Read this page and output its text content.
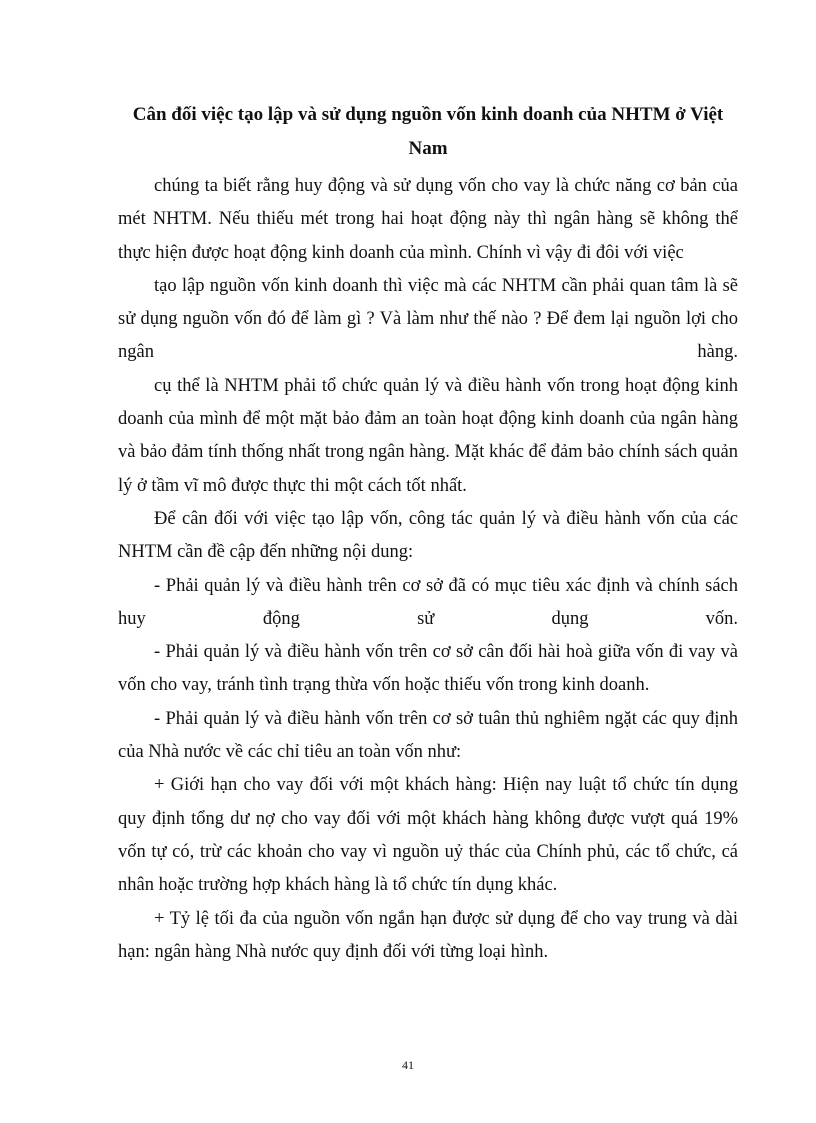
Cân đối việc tạo lập và sử dụng nguồn vốn kinh doanh của NHTM ở Việt Nam

chúng ta biết rằng huy động và sử dụng vốn cho vay là chức năng cơ bản của mét NHTM. Nếu thiếu mét trong hai hoạt động này thì ngân hàng sẽ không thể thực hiện được hoạt động kinh doanh của mình. Chính vì vậy đi đôi với việc

tạo lập nguồn vốn kinh doanh thì việc mà các NHTM cần phải quan tâm là sẽ sử dụng nguồn vốn đó để làm gì ? Và làm như thế nào ? Để đem lại nguồn lợi cho ngân hàng.

cụ thể là NHTM phải tổ chức quản lý và điều hành vốn trong hoạt động kinh doanh của mình để một mặt bảo đảm an toàn hoạt động kinh doanh của ngân hàng và bảo đảm tính thống nhất trong ngân hàng. Mặt khác để đảm bảo chính sách quản lý ở tầm vĩ mô được thực thi một cách tốt nhất.

Để cân đối với việc tạo lập vốn, công tác quản lý và điều hành vốn của các NHTM cần đề cập đến những nội dung:

- Phải quản lý và điều hành trên cơ sở đã có mục tiêu xác định và chính sách huy động sử dụng vốn.

- Phải quản lý và điều hành vốn trên cơ sở cân đối hài hoà giữa vốn đi vay và vốn cho vay, tránh tình trạng thừa vốn hoặc thiếu vốn trong kinh doanh.

- Phải quản lý và điều hành vốn trên cơ sở tuân thủ nghiêm ngặt các quy định của Nhà nước về các chỉ tiêu an toàn vốn như:

+ Giới hạn cho vay đối với một khách hàng: Hiện nay luật tổ chức tín dụng quy định tổng dư nợ cho vay đối với một khách hàng không được vượt quá 19% vốn tự có, trừ các khoản cho vay vì nguồn uỷ thác của Chính phủ, các tổ chức, cá nhân hoặc trường hợp khách hàng là tổ chức tín dụng khác.

+ Tỷ lệ tối đa của nguồn vốn ngắn hạn được sử dụng để cho vay trung và dài hạn: ngân hàng Nhà nước quy định đối với từng loại hình.

41
